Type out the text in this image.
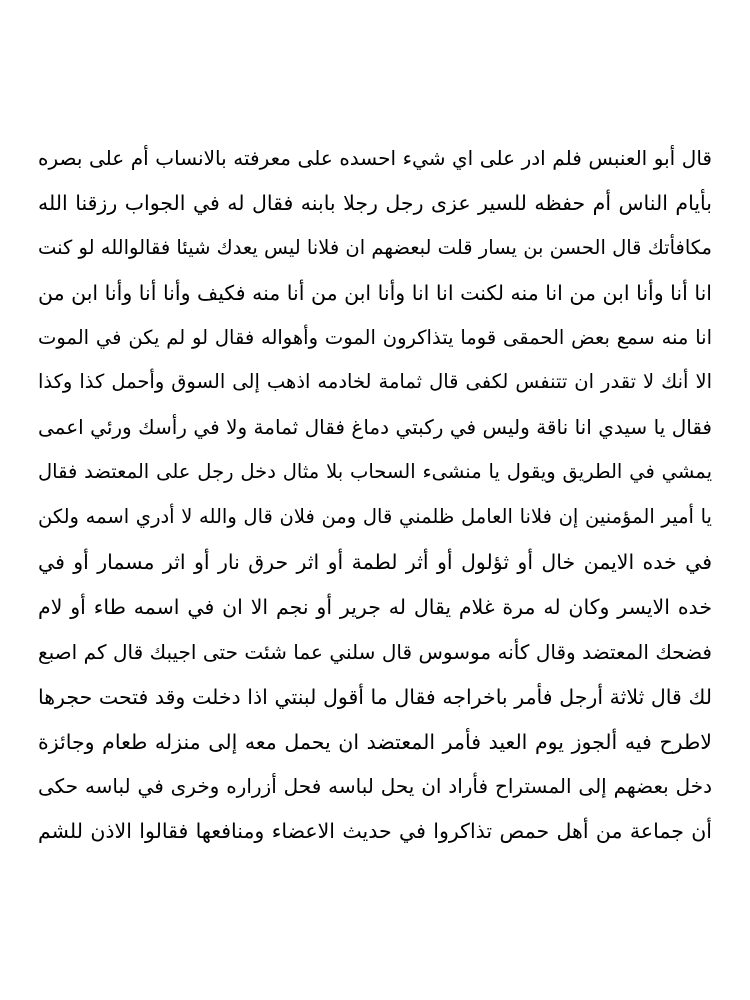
قال أبو العنبس فلم ادر على اي شيء احسده على معرفته بالانساب أم على بصره
بأيام الناس أم حفظه للسير عزى رجل رجلا بابنه فقال له في الجواب رزقنا الله
مكافأتك قال الحسن بن يسار قلت لبعضهم ان فلانا ليس يعدك شيئا فقالوالله لو كنت
انا أنا وأنا ابن من انا منه لكنت انا انا وأنا ابن من أنا منه فكيف وأنا أنا وأنا ابن من
انا منه سمع بعض الحمقى قوما يتذاكرون الموت وأهواله فقال لو لم يكن في الموت
الا أنك لا تقدر ان تتنفس لكفى قال ثمامة لخادمه اذهب إلى السوق وأحمل كذا وكذا
فقال يا سيدي انا ناقة وليس في ركبتي دماغ فقال ثمامة ولا في رأسك ورئي اعمى
يمشي في الطريق ويقول يا منشىء السحاب بلا مثال دخل رجل على المعتضد فقال
يا أمير المؤمنين إن فلانا العامل ظلمني قال ومن فلان قال والله لا أدري اسمه ولكن
في خده الايمن خال أو ثؤلول أو أثر لطمة أو اثر حرق نار أو اثر مسمار أو في
خده الايسر وكان له مرة غلام يقال له جرير أو نجم الا ان في اسمه طاء أو لام
فضحك المعتضد وقال كأنه موسوس قال سلني عما شئت حتى اجيبك قال كم اصبع
لك قال ثلاثة أرجل فأمر باخراجه فقال ما أقول لبنتي اذا دخلت وقد فتحت حجرها
لاطرح فيه ألجوز يوم العيد فأمر المعتضد ان يحمل معه إلى منزله طعام وجائزة
دخل بعضهم إلى المستراح فأراد ان يحل لباسه فحل أزراره وخرى في لباسه حكى
أن جماعة من أهل حمص تذاكروا في حديث الاعضاء ومنافعها فقالوا الاذن للشم
